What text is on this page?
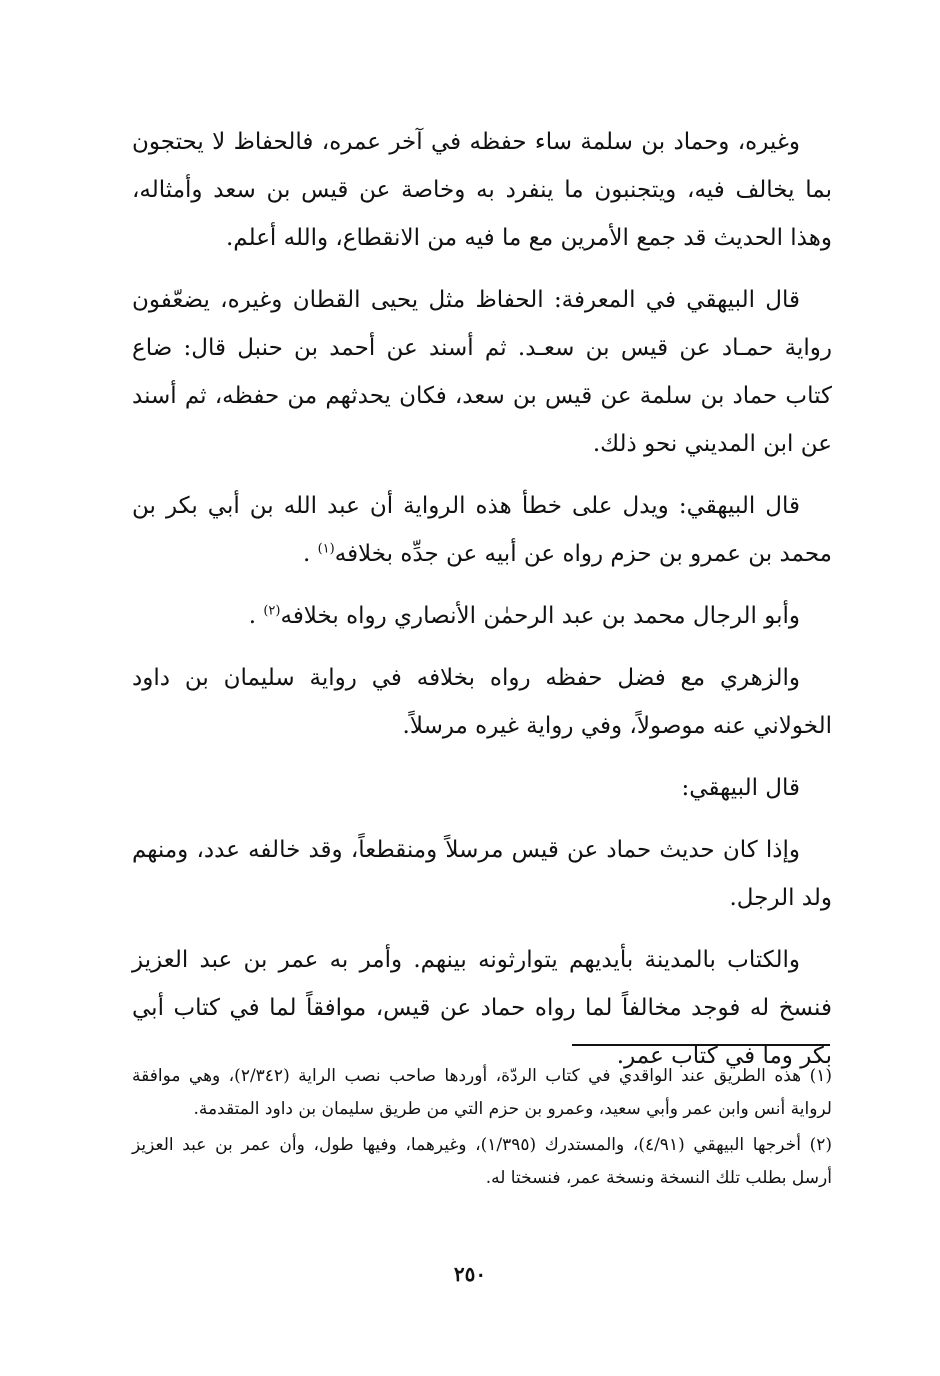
وغيره، وحماد بن سلمة ساء حفظه في آخر عمره، فالحفاظ لا يحتجون بما يخالف فيه، ويتجنبون ما ينفرد به وخاصة عن قيس بن سعد وأمثاله، وهذا الحديث قد جمع الأمرين مع ما فيه من الانقطاع، والله أعلم.

قال البيهقي في المعرفة: الحفاظ مثل يحيى القطان وغيره، يضعّفون رواية حمـاد عن قيس بن سعـد. ثم أسند عن أحمد بن حنبل قال: ضاع كتاب حماد بن سلمة عن قيس بن سعد، فكان يحدثهم من حفظه، ثم أسند عن ابن المديني نحو ذلك.

قال البيهقي: ويدل على خطأ هذه الرواية أن عبد الله بن أبي بكر بن محمد بن عمرو بن حزم رواه عن أبيه عن جدِّه بخلافه$^{(١)}$ .

وأبو الرجال محمد بن عبد الرحمٰن الأنصاري رواه بخلافه$^{(٢)}$ .

والزهري مع فضل حفظه رواه بخلافه في رواية سليمان بن داود الخولاني عنه موصولاً، وفي رواية غيره مرسلاً.

قال البيهقي:

وإذا كان حديث حماد عن قيس مرسلاً ومنقطعاً، وقد خالفه عدد، ومنهم ولد الرجل.

والكتاب بالمدينة بأيديهم يتوارثونه بينهم. وأمر به عمر بن عبد العزيز فنسخ له فوجد مخالفاً لما رواه حماد عن قيس، موافقاً لما في كتاب أبي بكر وما في كتاب عمر.

(١) هذه الطريق عند الواقدي في كتاب الردّة، أوردها صاحب نصب الراية (٢/٣٤٢)، وهي موافقة لرواية أنس وابن عمر وأبي سعيد، وعمرو بن حزم التي من طريق سليمان بن داود المتقدمة.

(٢) أخرجها البيهقي (٤/٩١)، والمستدرك (١/٣٩٥)، وغيرهما، وفيها طول، وأن عمر بن عبد العزيز أرسل بطلب تلك النسخة ونسخة عمر، فنسختا له.

٢٥٠
